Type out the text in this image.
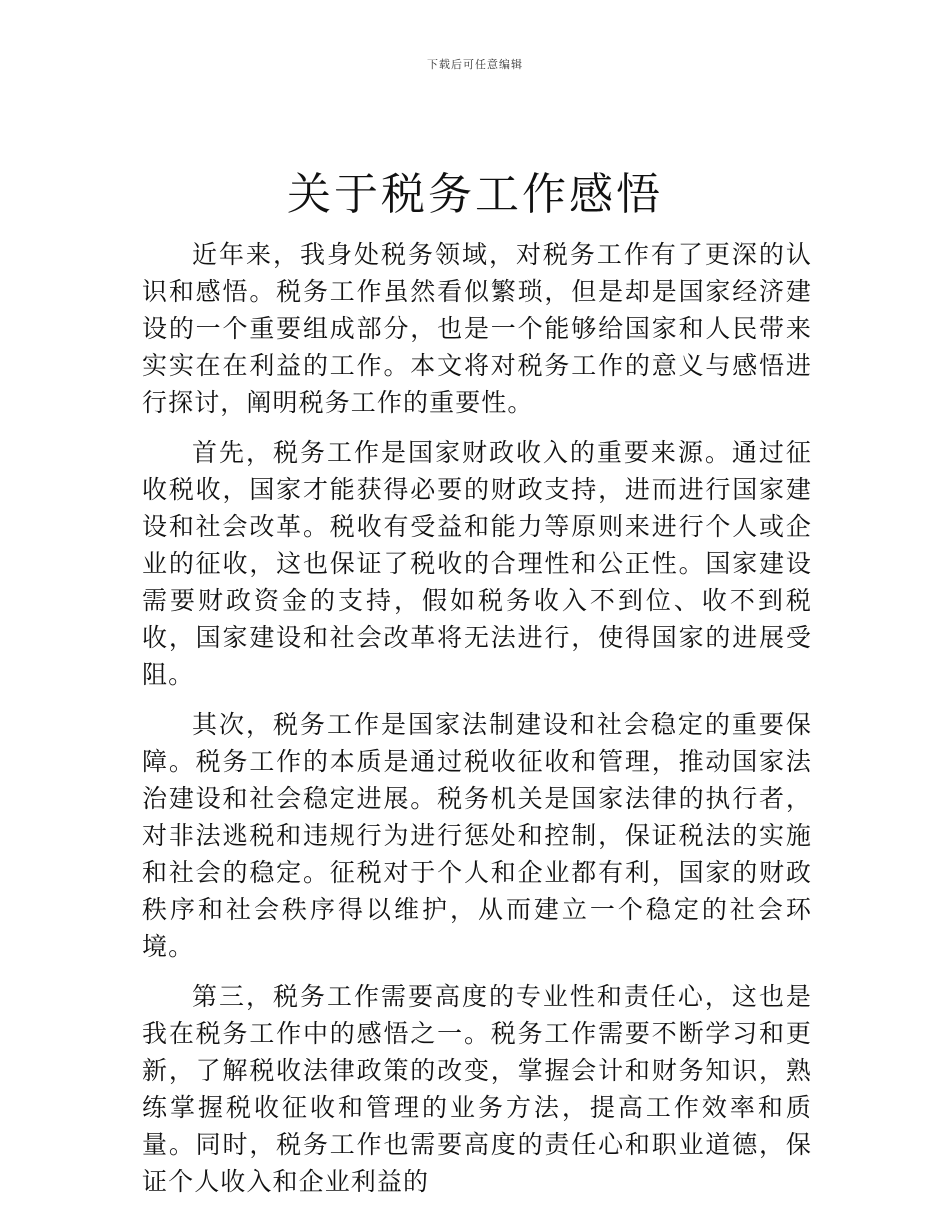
下载后可任意编辑
关于税务工作感悟

近年来，我身处税务领域，对税务工作有了更深的认识和感悟。税务工作虽然看似繁琐，但是却是国家经济建设的一个重要组成部分，也是一个能够给国家和人民带来实实在在利益的工作。本文将对税务工作的意义与感悟进行探讨，阐明税务工作的重要性。

首先，税务工作是国家财政收入的重要来源。通过征收税收，国家才能获得必要的财政支持，进而进行国家建设和社会改革。税收有受益和能力等原则来进行个人或企业的征收，这也保证了税收的合理性和公正性。国家建设需要财政资金的支持，假如税务收入不到位、收不到税收，国家建设和社会改革将无法进行，使得国家的进展受阻。

其次，税务工作是国家法制建设和社会稳定的重要保障。税务工作的本质是通过税收征收和管理，推动国家法治建设和社会稳定进展。税务机关是国家法律的执行者，对非法逃税和违规行为进行惩处和控制，保证税法的实施和社会的稳定。征税对于个人和企业都有利，国家的财政秩序和社会秩序得以维护，从而建立一个稳定的社会环境。

第三，税务工作需要高度的专业性和责任心，这也是我在税务工作中的感悟之一。税务工作需要不断学习和更新，了解税收法律政策的改变，掌握会计和财务知识，熟练掌握税收征收和管理的业务方法，提高工作效率和质量。同时，税务工作也需要高度的责任心和职业道德，保证个人收入和企业利益的
